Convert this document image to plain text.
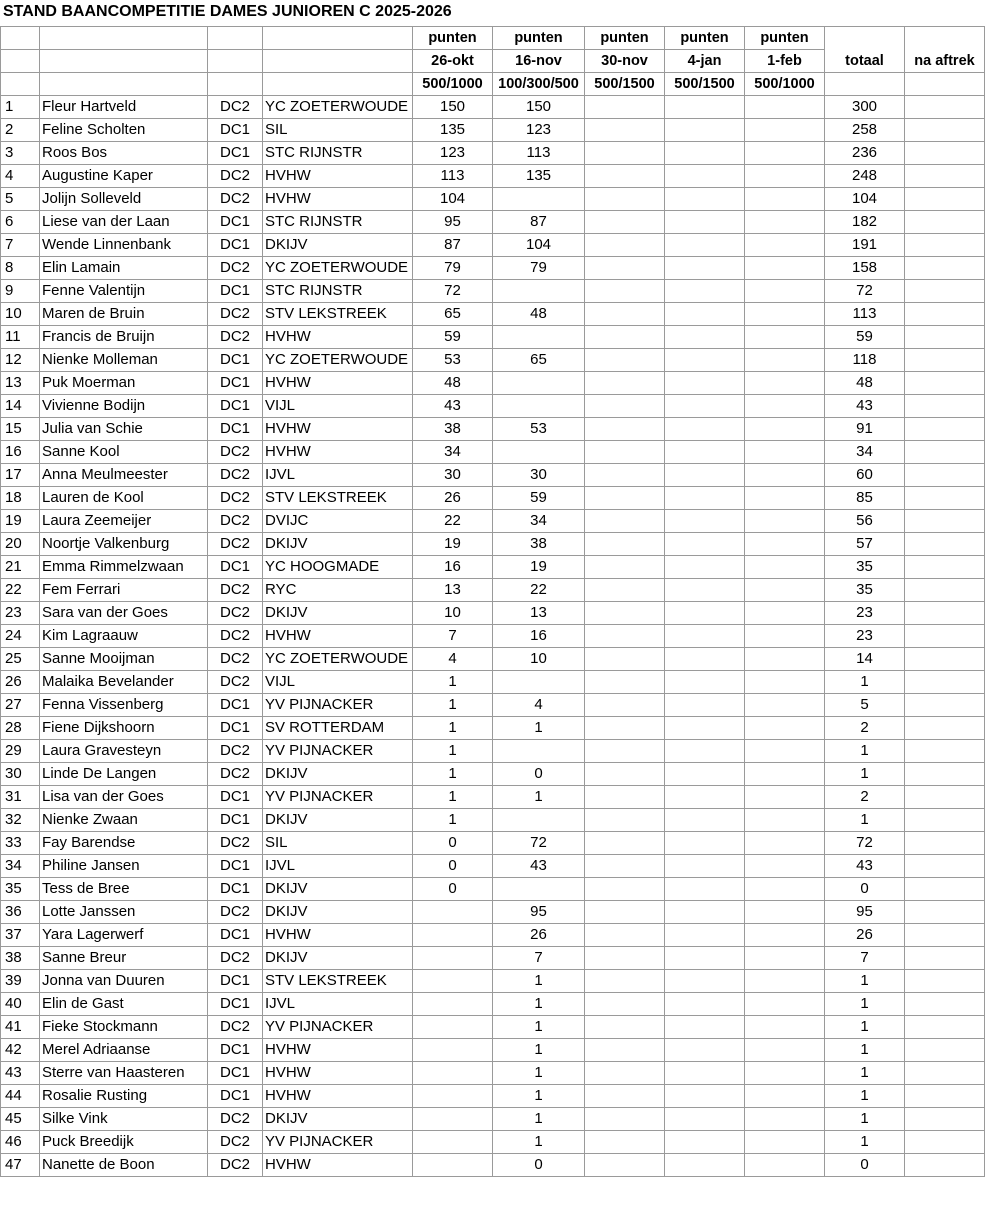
STAND BAANCOMPETITIE DAMES JUNIOREN C 2025-2026
				punten	punten	punten	punten	punten	totaal	na aftrek
				26-okt	16-nov	30-nov	4-jan	1-feb		
				500/1000	100/300/500	500/1500	500/1500	500/1000		
1	Fleur Hartveld	DC2	YC ZOETERWOUDE	150	150				300	
2	Feline Scholten	DC1	SIL	135	123				258	
3	Roos Bos	DC1	STC RIJNSTR	123	113				236	
4	Augustine Kaper	DC2	HVHW	113	135				248	
5	Jolijn Solleveld	DC2	HVHW	104					104	
6	Liese van der Laan	DC1	STC RIJNSTR	95	87				182	
7	Wende Linnenbank	DC1	DKIJV	87	104				191	
8	Elin Lamain	DC2	YC ZOETERWOUDE	79	79				158	
9	Fenne Valentijn	DC1	STC RIJNSTR	72					72	
10	Maren de Bruin	DC2	STV LEKSTREEK	65	48				113	
11	Francis de Bruijn	DC2	HVHW	59					59	
12	Nienke Molleman	DC1	YC ZOETERWOUDE	53	65				118	
13	Puk Moerman	DC1	HVHW	48					48	
14	Vivienne Bodijn	DC1	VIJL	43					43	
15	Julia van Schie	DC1	HVHW	38	53				91	
16	Sanne Kool	DC2	HVHW	34					34	
17	Anna Meulmeester	DC2	IJVL	30	30				60	
18	Lauren de Kool	DC2	STV LEKSTREEK	26	59				85	
19	Laura Zeemeijer	DC2	DVIJC	22	34				56	
20	Noortje Valkenburg	DC2	DKIJV	19	38				57	
21	Emma Rimmelzwaan	DC1	YC HOOGMADE	16	19				35	
22	Fem Ferrari	DC2	RYC	13	22				35	
23	Sara van der Goes	DC2	DKIJV	10	13				23	
24	Kim Lagraauw	DC2	HVHW	7	16				23	
25	Sanne Mooijman	DC2	YC ZOETERWOUDE	4	10				14	
26	Malaika Bevelander	DC2	VIJL	1					1	
27	Fenna Vissenberg	DC1	YV PIJNACKER	1	4				5	
28	Fiene Dijkshoorn	DC1	SV ROTTERDAM	1	1				2	
29	Laura Gravesteyn	DC2	YV PIJNACKER	1					1	
30	Linde De Langen	DC2	DKIJV	1	0				1	
31	Lisa van der Goes	DC1	YV PIJNACKER	1	1				2	
32	Nienke Zwaan	DC1	DKIJV	1					1	
33	Fay Barendse	DC2	SIL	0	72				72	
34	Philine Jansen	DC1	IJVL	0	43				43	
35	Tess de Bree	DC1	DKIJV	0					0	
36	Lotte Janssen	DC2	DKIJV		95				95	
37	Yara Lagerwerf	DC1	HVHW		26				26	
38	Sanne Breur	DC2	DKIJV		7				7	
39	Jonna van Duuren	DC1	STV LEKSTREEK		1				1	
40	Elin de Gast	DC1	IJVL		1				1	
41	Fieke Stockmann	DC2	YV PIJNACKER		1				1	
42	Merel Adriaanse	DC1	HVHW		1				1	
43	Sterre van Haasteren	DC1	HVHW		1				1	
44	Rosalie Rusting	DC1	HVHW		1				1	
45	Silke Vink	DC2	DKIJV		1				1	
46	Puck Breedijk	DC2	YV PIJNACKER		1				1	
47	Nanette de Boon	DC2	HVHW		0				0	
